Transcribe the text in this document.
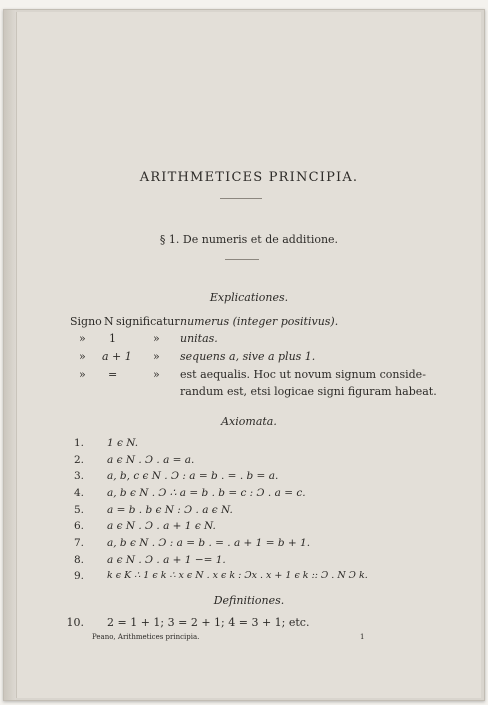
ARITHMETICES PRINCIPIA.
§ 1. De numeris et de additione.
Explicationes.
Signo N significatur numerus (integer positivus).
» 1	» unitas.
» a + 1 » sequens a, sive a plus 1.
» =	» est aequalis. Hoc ut novum signum conside-
randum est, etsi logicae signi figuram habeat.
Axiomata.
1. 1 ϵ N.
2. a ϵ N . Ɔ . a = a.
3. a, b, c ϵ N . Ɔ : a = b . = . b = a.
4. a, b ϵ N . Ɔ ∴ a = b . b = c : Ɔ . a = c.
5. a = b . b ϵ N : Ɔ . a ϵ N.
6. a ϵ N . Ɔ . a + 1 ϵ N.
7. a, b ϵ N . Ɔ : a = b . = . a + 1 = b + 1.
8. a ϵ N . Ɔ . a + 1 −= 1.
9. k ϵ K ∴ 1 ϵ k ∴ x ϵ N . x ϵ k : Ɔx . x + 1 ϵ k :: Ɔ . N Ɔ k.
Definitiones.
10. 2 = 1 + 1; 3 = 2 + 1; 4 = 3 + 1; etc.
Peano, Arithmetices principia.	1
